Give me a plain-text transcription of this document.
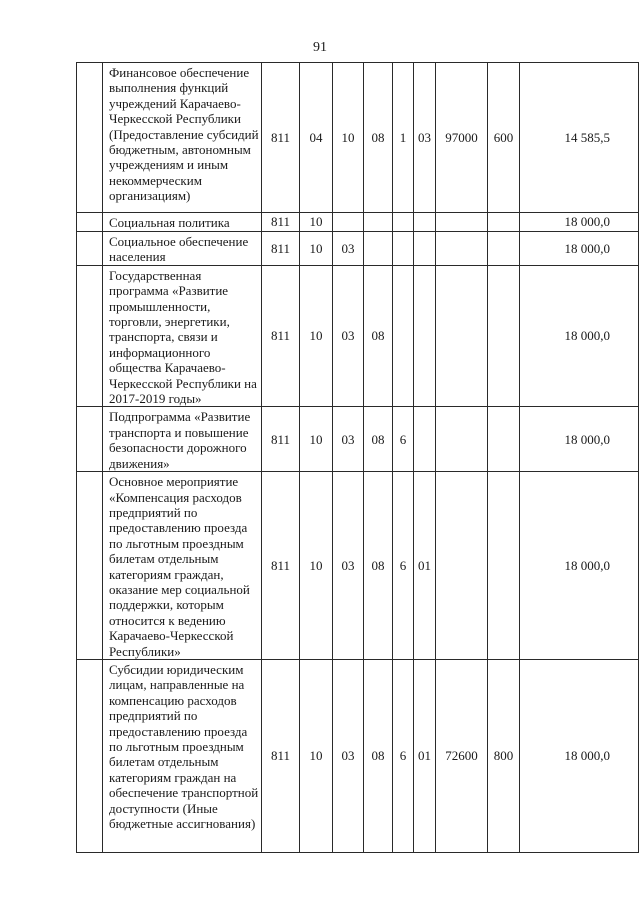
91
	Финансовое обеспечение выполнения функций учреждений Карачаево-Черкесской Республики (Предоставление субсидий бюджетным, автономным учреждениям и иным некоммерческим организациям)	811	04	10	08	1	03	97000	600	14 585,5
	Социальная политика	811	10							18 000,0
	Социальное обеспечение населения	811	10	03						18 000,0
	Государственная программа «Развитие промышленности, торговли, энергетики, транспорта, связи и информационного общества Карачаево-Черкесской Республики на 2017-2019 годы»	811	10	03	08					18 000,0
	Подпрограмма «Развитие транспорта и повышение безопасности дорожного движения»	811	10	03	08	6				18 000,0
	Основное мероприятие «Компенсация расходов предприятий по предоставлению проезда по льготным проездным билетам отдельным категориям граждан, оказание мер социальной поддержки, которым относится к ведению Карачаево-Черкесской Республики»	811	10	03	08	6	01			18 000,0
	Субсидии юридическим лицам, направленные на компенсацию расходов предприятий по предоставлению проезда по льготным проездным билетам отдельным категориям граждан на обеспечение транспортной доступности (Иные бюджетные ассигнования)	811	10	03	08	6	01	72600	800	18 000,0
